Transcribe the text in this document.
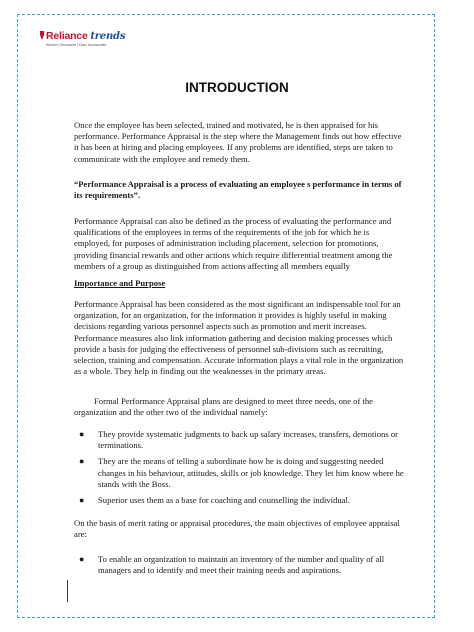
Reliance trends
Women | Menswear | Kids | Accessories
INTRODUCTION

Once the employee has been selected, trained and motivated, he is then appraised for his performance. Performance Appraisal is the step where the Management finds out how effective it has been at hiring and placing employees. If any problems are identified, steps are taken to communicate with the employee and remedy them.

“Performance Appraisal is a process of evaluating an employee s performance in terms of its requirements”.

Performance Appraisal can also be defined as the process of evaluating the performance and qualifications of the employees in terms of the requirements of the job for which he is employed, for purposes of administration including placement, selection for promotions, providing financial rewards and other actions which require differential treatment among the members of a group as distinguished from actions affecting all members equally

Importance and Purpose

Performance Appraisal has been considered as the most significant an indispensable tool for an organization, for an organization, for the information it provides is highly useful in making decisions regarding various personnel aspects such as promotion and merit increases. Performance measures also link information gathering and decision making processes which provide a basis for judging the effectiveness of personnel sub-divisions such as recruiting, selection, training and compensation. Accurate information plays a vital role in the organization as a whole. They help in finding out the weaknesses in the primary areas.

Formal Performance Appraisal plans are designed to meet three needs, one of the organization and the other two of the individual namely:

● They provide systematic judgments to back up salary increases, transfers, demotions or terminations.
● They are the means of telling a subordinate how he is doing and suggesting needed changes in his behaviour, attitudes, skills or job knowledge. They let him know where he stands with the Boss.
● Superior uses them as a base for coaching and counselling the individual.

On the basis of merit rating or appraisal procedures, the main objectives of employee appraisal are:

● To enable an organization to maintain an inventory of the number and quality of all managers and to identify and meet their training needs and aspirations.
